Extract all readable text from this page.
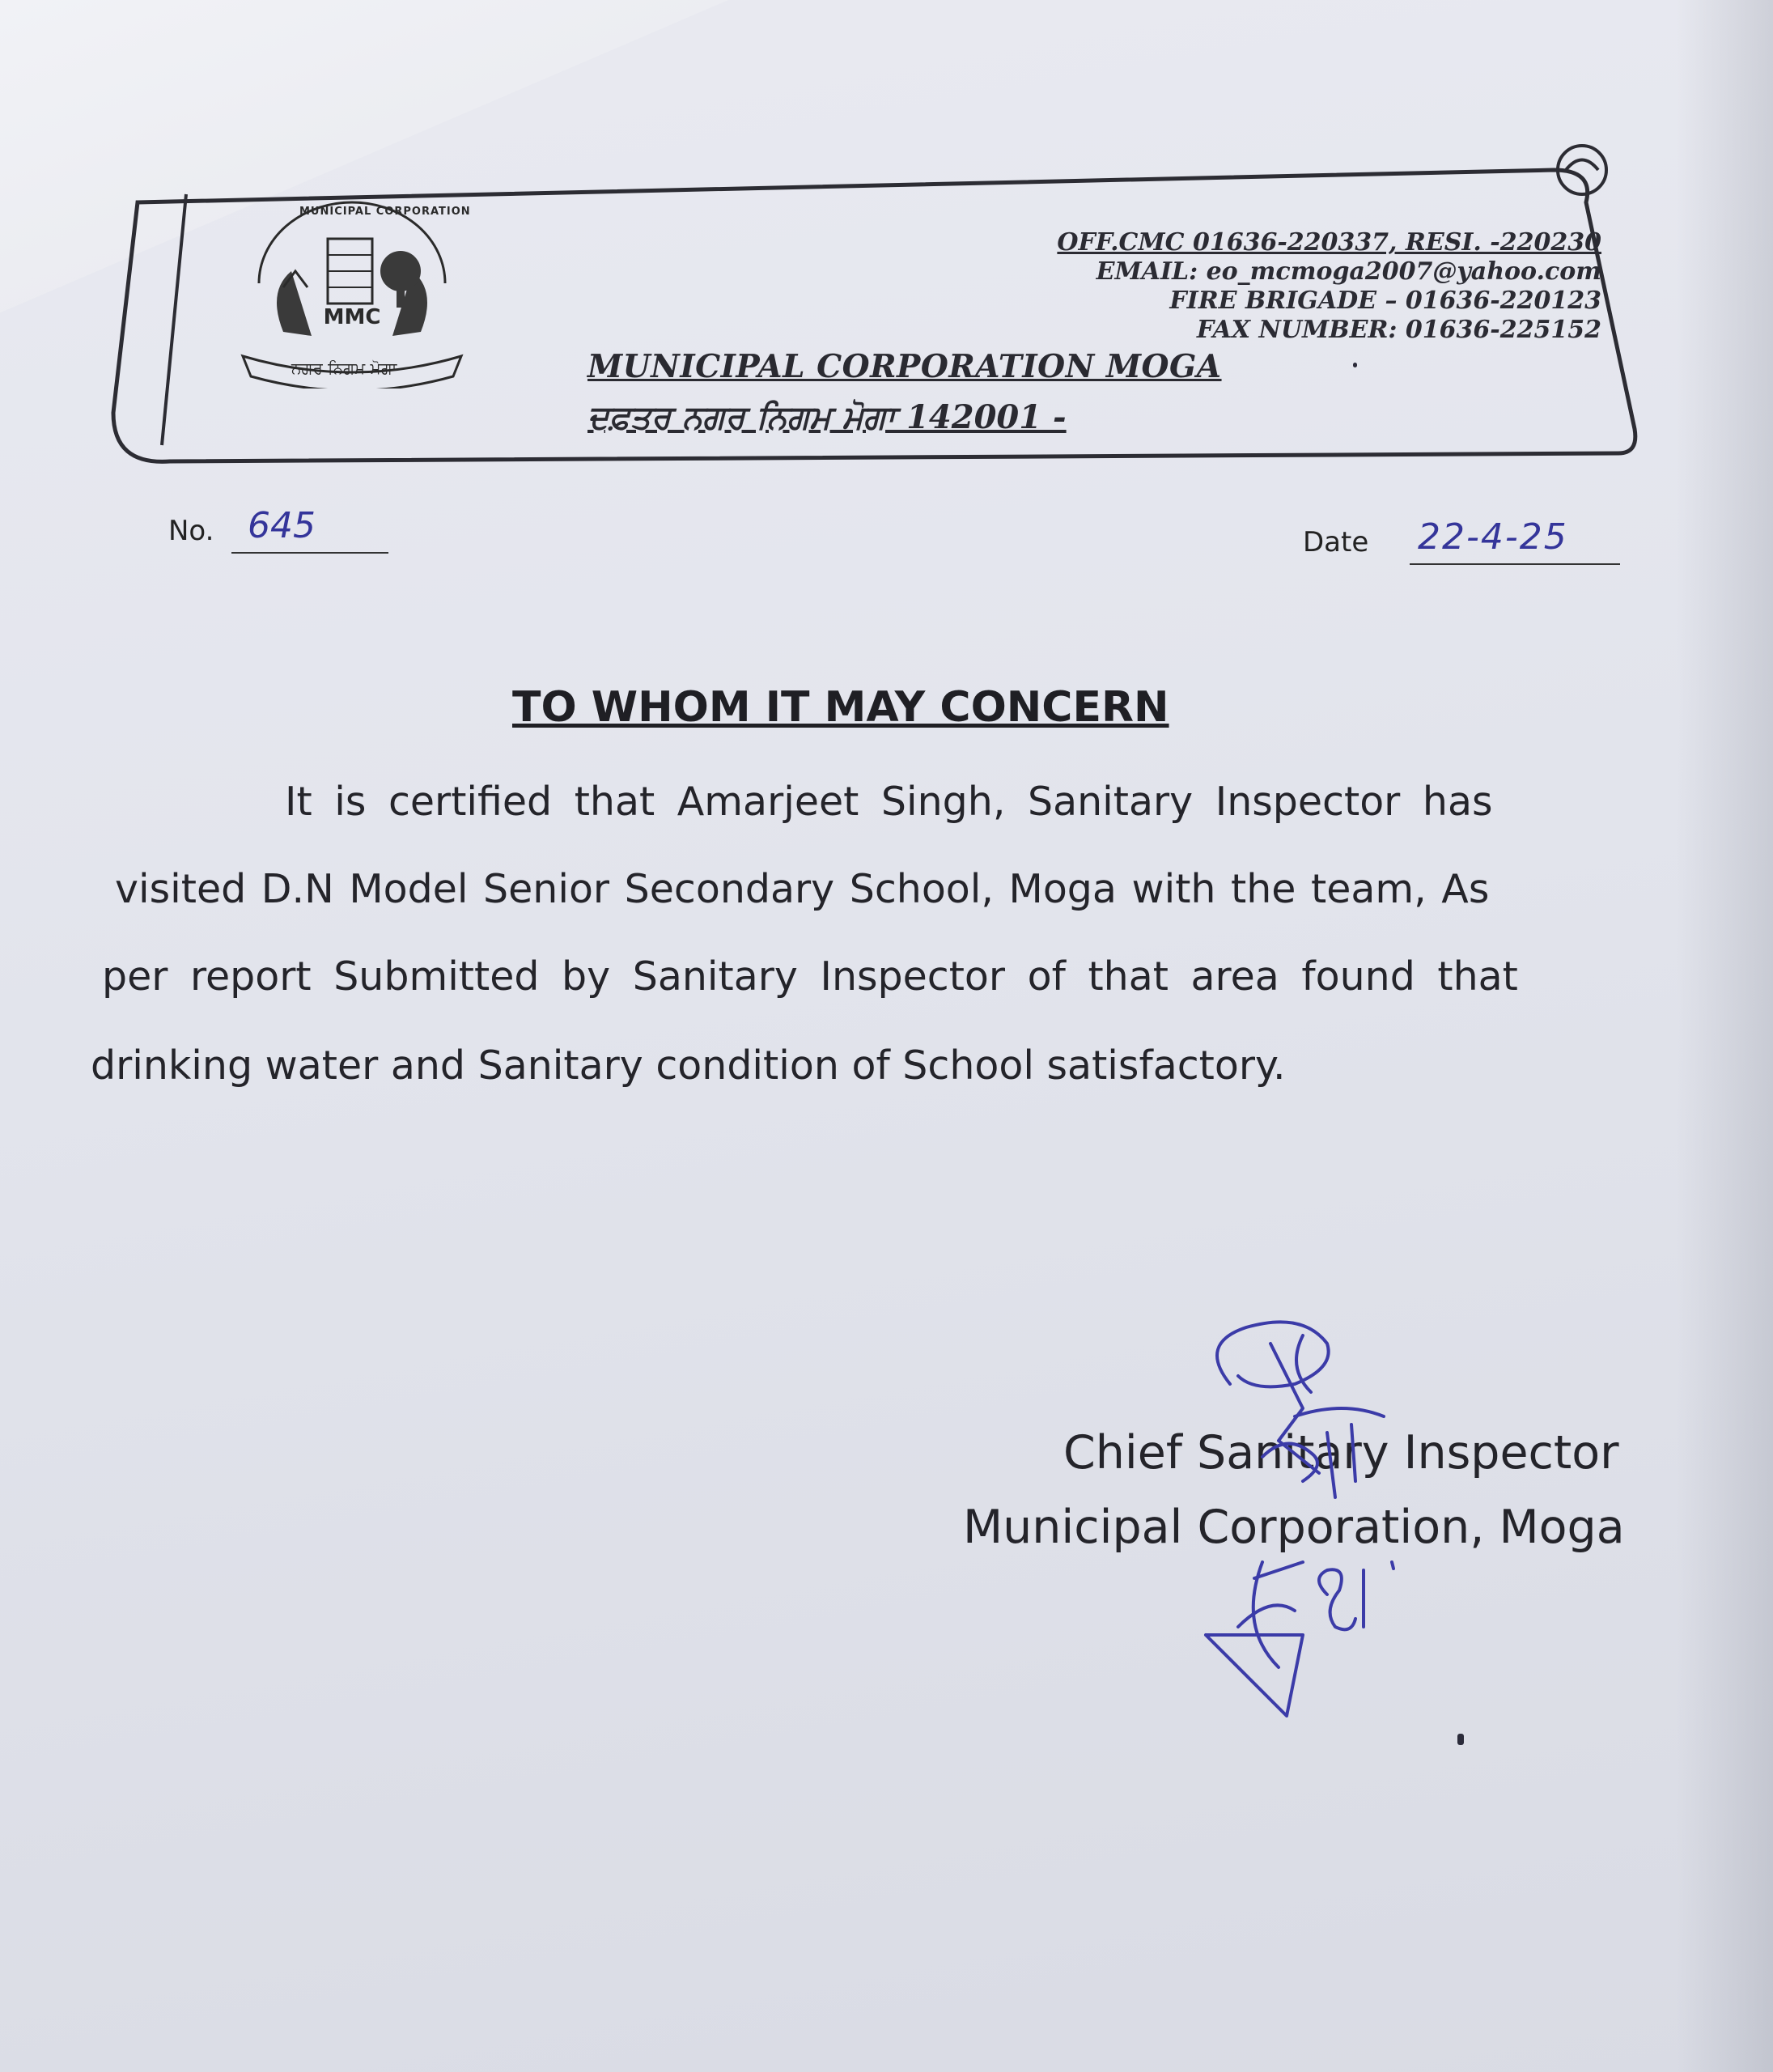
MMC
MUNICIPAL CORPORATION
ਨਗਰ ਨਿਗਮ ਮੋਗਾ
OFF.CMC 01636-220337, RESI. -220230
EMAIL: eo_mcmoga2007@yahoo.com
FIRE BRIGADE – 01636-220123
FAX NUMBER: 01636-225152
MUNICIPAL CORPORATION MOGA
ਦਫ਼ਤਰ ਨਗਰ ਨਿਗਮ ਮੋਗਾ 142001 -
No. 645	Date 22-4-25
TO WHOM IT MAY CONCERN
It is certified that Amarjeet Singh, Sanitary Inspector has
visited D.N Model Senior Secondary School, Moga with the team, As
per report Submitted by Sanitary Inspector of that area found that
drinking water and Sanitary condition of School satisfactory.
Chief Sanitary Inspector
Municipal Corporation, Moga
